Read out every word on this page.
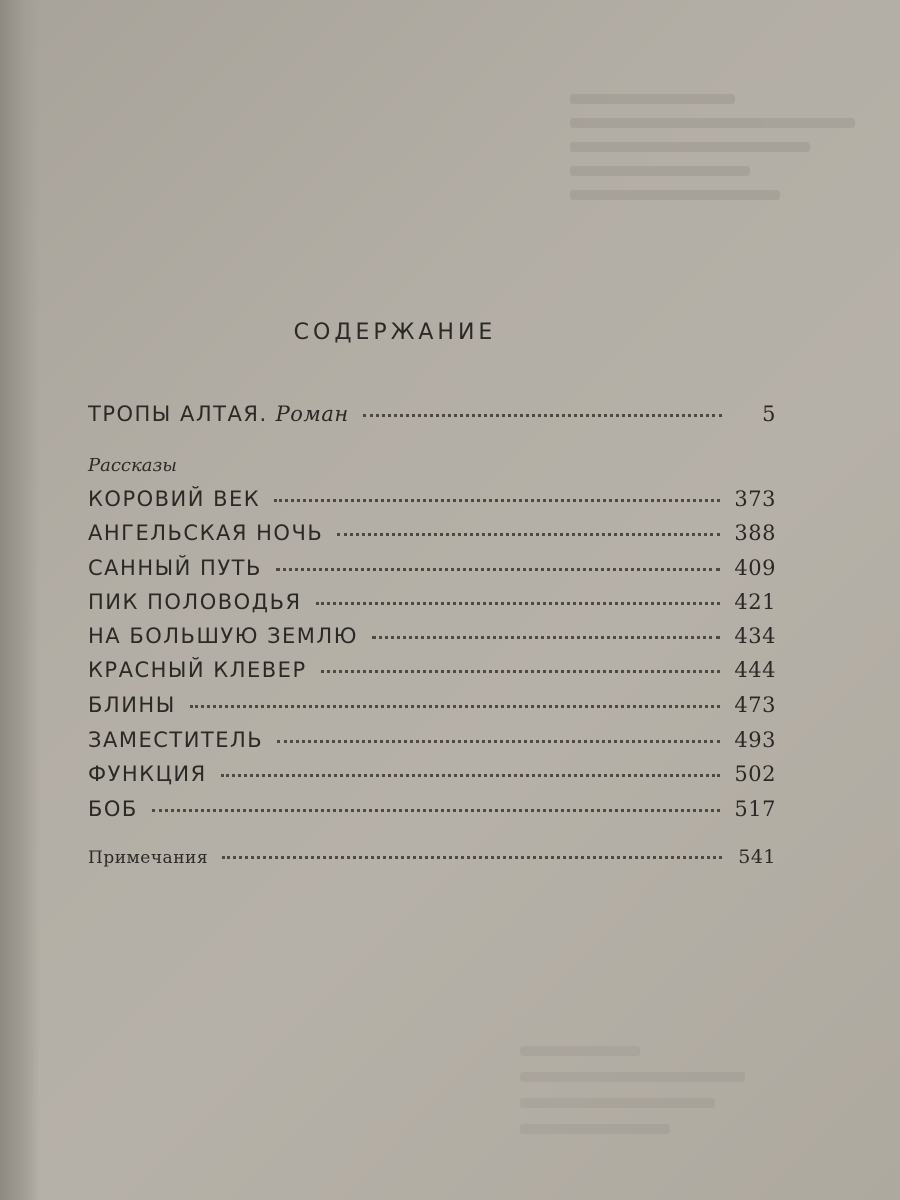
СОДЕРЖАНИЕ
ТРОПЫ АЛТАЯ. Роман	5
Рассказы
КОРОВИЙ ВЕК	373
АНГЕЛЬСКАЯ НОЧЬ	388
САННЫЙ ПУТЬ	409
ПИК ПОЛОВОДЬЯ	421
НА БОЛЬШУЮ ЗЕМЛЮ	434
КРАСНЫЙ КЛЕВЕР	444
БЛИНЫ	473
ЗАМЕСТИТЕЛЬ	493
ФУНКЦИЯ	502
БОБ	517
Примечания	541
